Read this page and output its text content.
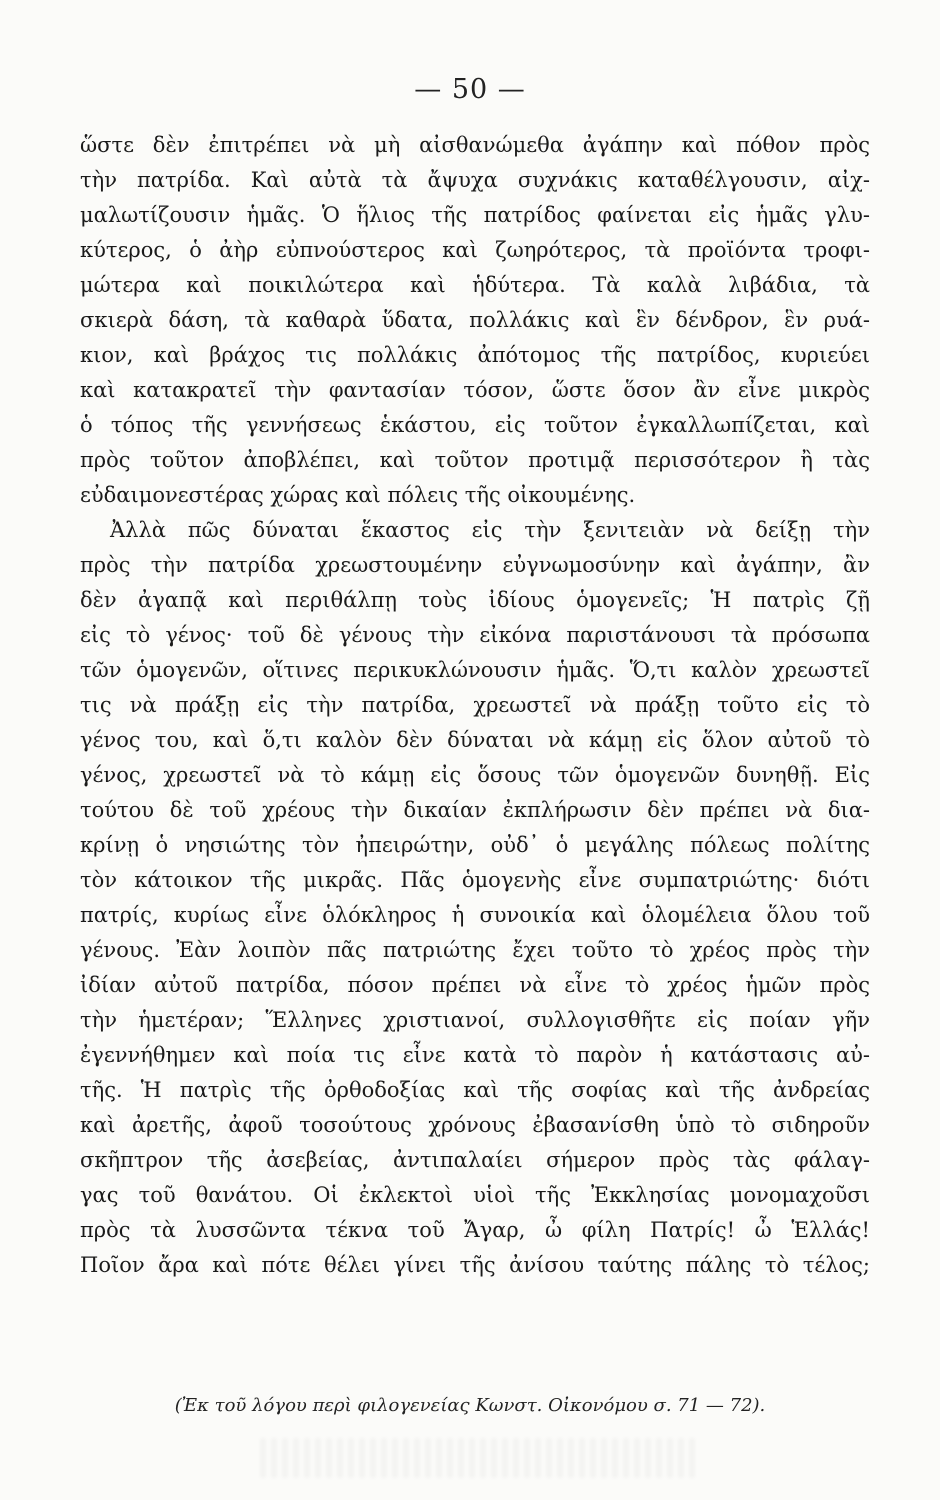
— 50 —
ὥστε δὲν ἐπιτρέπει νὰ μὴ αἰσθανώμεθα ἀγάπην καὶ πόθον πρὸς
τὴν πατρίδα. Καὶ αὐτὰ τὰ ἄψυχα συχνάκις καταθέλγουσιν, αἰχ-
μαλωτίζουσιν ἡμᾶς. Ὁ ἥλιος τῆς πατρίδος φαίνεται εἰς ἡμᾶς γλυ-
κύτερος, ὁ ἀὴρ εὐπνούστερος καὶ ζωηρότερος, τὰ προϊόντα τροφι-
μώτερα καὶ ποικιλώτερα καὶ ἡδύτερα. Τὰ καλὰ λιβάδια, τὰ
σκιερὰ δάση, τὰ καθαρὰ ὕδατα, πολλάκις καὶ ἓν δένδρον, ἓν ρυά-
κιον, καὶ βράχος τις πολλάκις ἀπότομος τῆς πατρίδος, κυριεύει
καὶ κατακρατεῖ τὴν φαντασίαν τόσον, ὥστε ὅσον ἂν εἶνε μικρὸς
ὁ τόπος τῆς γεννήσεως ἑκάστου, εἰς τοῦτον ἐγκαλλωπίζεται, καὶ
πρὸς τοῦτον ἀποβλέπει, καὶ τοῦτον προτιμᾷ περισσότερον ἢ τὰς
εὐδαιμονεστέρας χώρας καὶ πόλεις τῆς οἰκουμένης.
Ἀλλὰ πῶς δύναται ἕκαστος εἰς τὴν ξενιτειὰν νὰ δείξῃ τὴν
πρὸς τὴν πατρίδα χρεωστουμένην εὐγνωμοσύνην καὶ ἀγάπην, ἂν
δὲν ἀγαπᾷ καὶ περιθάλπῃ τοὺς ἰδίους ὁμογενεῖς; Ἡ πατρὶς ζῇ
εἰς τὸ γένος· τοῦ δὲ γένους τὴν εἰκόνα παριστάνουσι τὰ πρόσωπα
τῶν ὁμογενῶν, οἵτινες περικυκλώνουσιν ἡμᾶς. Ὅ,τι καλὸν χρεωστεῖ
τις νὰ πράξῃ εἰς τὴν πατρίδα, χρεωστεῖ νὰ πράξῃ τοῦτο εἰς τὸ
γένος του, καὶ ὅ,τι καλὸν δὲν δύναται νὰ κάμῃ εἰς ὅλον αὐτοῦ τὸ
γένος, χρεωστεῖ νὰ τὸ κάμῃ εἰς ὅσους τῶν ὁμογενῶν δυνηθῇ. Εἰς
τούτου δὲ τοῦ χρέους τὴν δικαίαν ἐκπλήρωσιν δὲν πρέπει νὰ δια-
κρίνῃ ὁ νησιώτης τὸν ἠπειρώτην, οὐδ᾽ ὁ μεγάλης πόλεως πολίτης
τὸν κάτοικον τῆς μικρᾶς. Πᾶς ὁμογενὴς εἶνε συμπατριώτης· διότι
πατρίς, κυρίως εἶνε ὁλόκληρος ἡ συνοικία καὶ ὁλομέλεια ὅλου τοῦ
γένους. Ἐὰν λοιπὸν πᾶς πατριώτης ἔχει τοῦτο τὸ χρέος πρὸς τὴν
ἰδίαν αὐτοῦ πατρίδα, πόσον πρέπει νὰ εἶνε τὸ χρέος ἡμῶν πρὸς
τὴν ἡμετέραν; Ἕλληνες χριστιανοί, συλλογισθῆτε εἰς ποίαν γῆν
ἐγεννήθημεν καὶ ποία τις εἶνε κατὰ τὸ παρὸν ἡ κατάστασις αὐ-
τῆς. Ἡ πατρὶς τῆς ὀρθοδοξίας καὶ τῆς σοφίας καὶ τῆς ἀνδρείας
καὶ ἀρετῆς, ἀφοῦ τοσούτους χρόνους ἐβασανίσθη ὑπὸ τὸ σιδηροῦν
σκῆπτρον τῆς ἀσεβείας, ἀντιπαλαίει σήμερον πρὸς τὰς φάλαγ-
γας τοῦ θανάτου. Οἱ ἐκλεκτοὶ υἱοὶ τῆς Ἐκκλησίας μονομαχοῦσι
πρὸς τὰ λυσσῶντα τέκνα τοῦ Ἄγαρ, ὦ φίλη Πατρίς! ὦ Ἑλλάς!
Ποῖον ἄρα καὶ πότε θέλει γίνει τῆς ἀνίσου ταύτης πάλης τὸ τέλος;
(Ἐκ τοῦ λόγου περὶ φιλογενείας Κωνστ. Οἰκονόμου σ. 71 — 72).
